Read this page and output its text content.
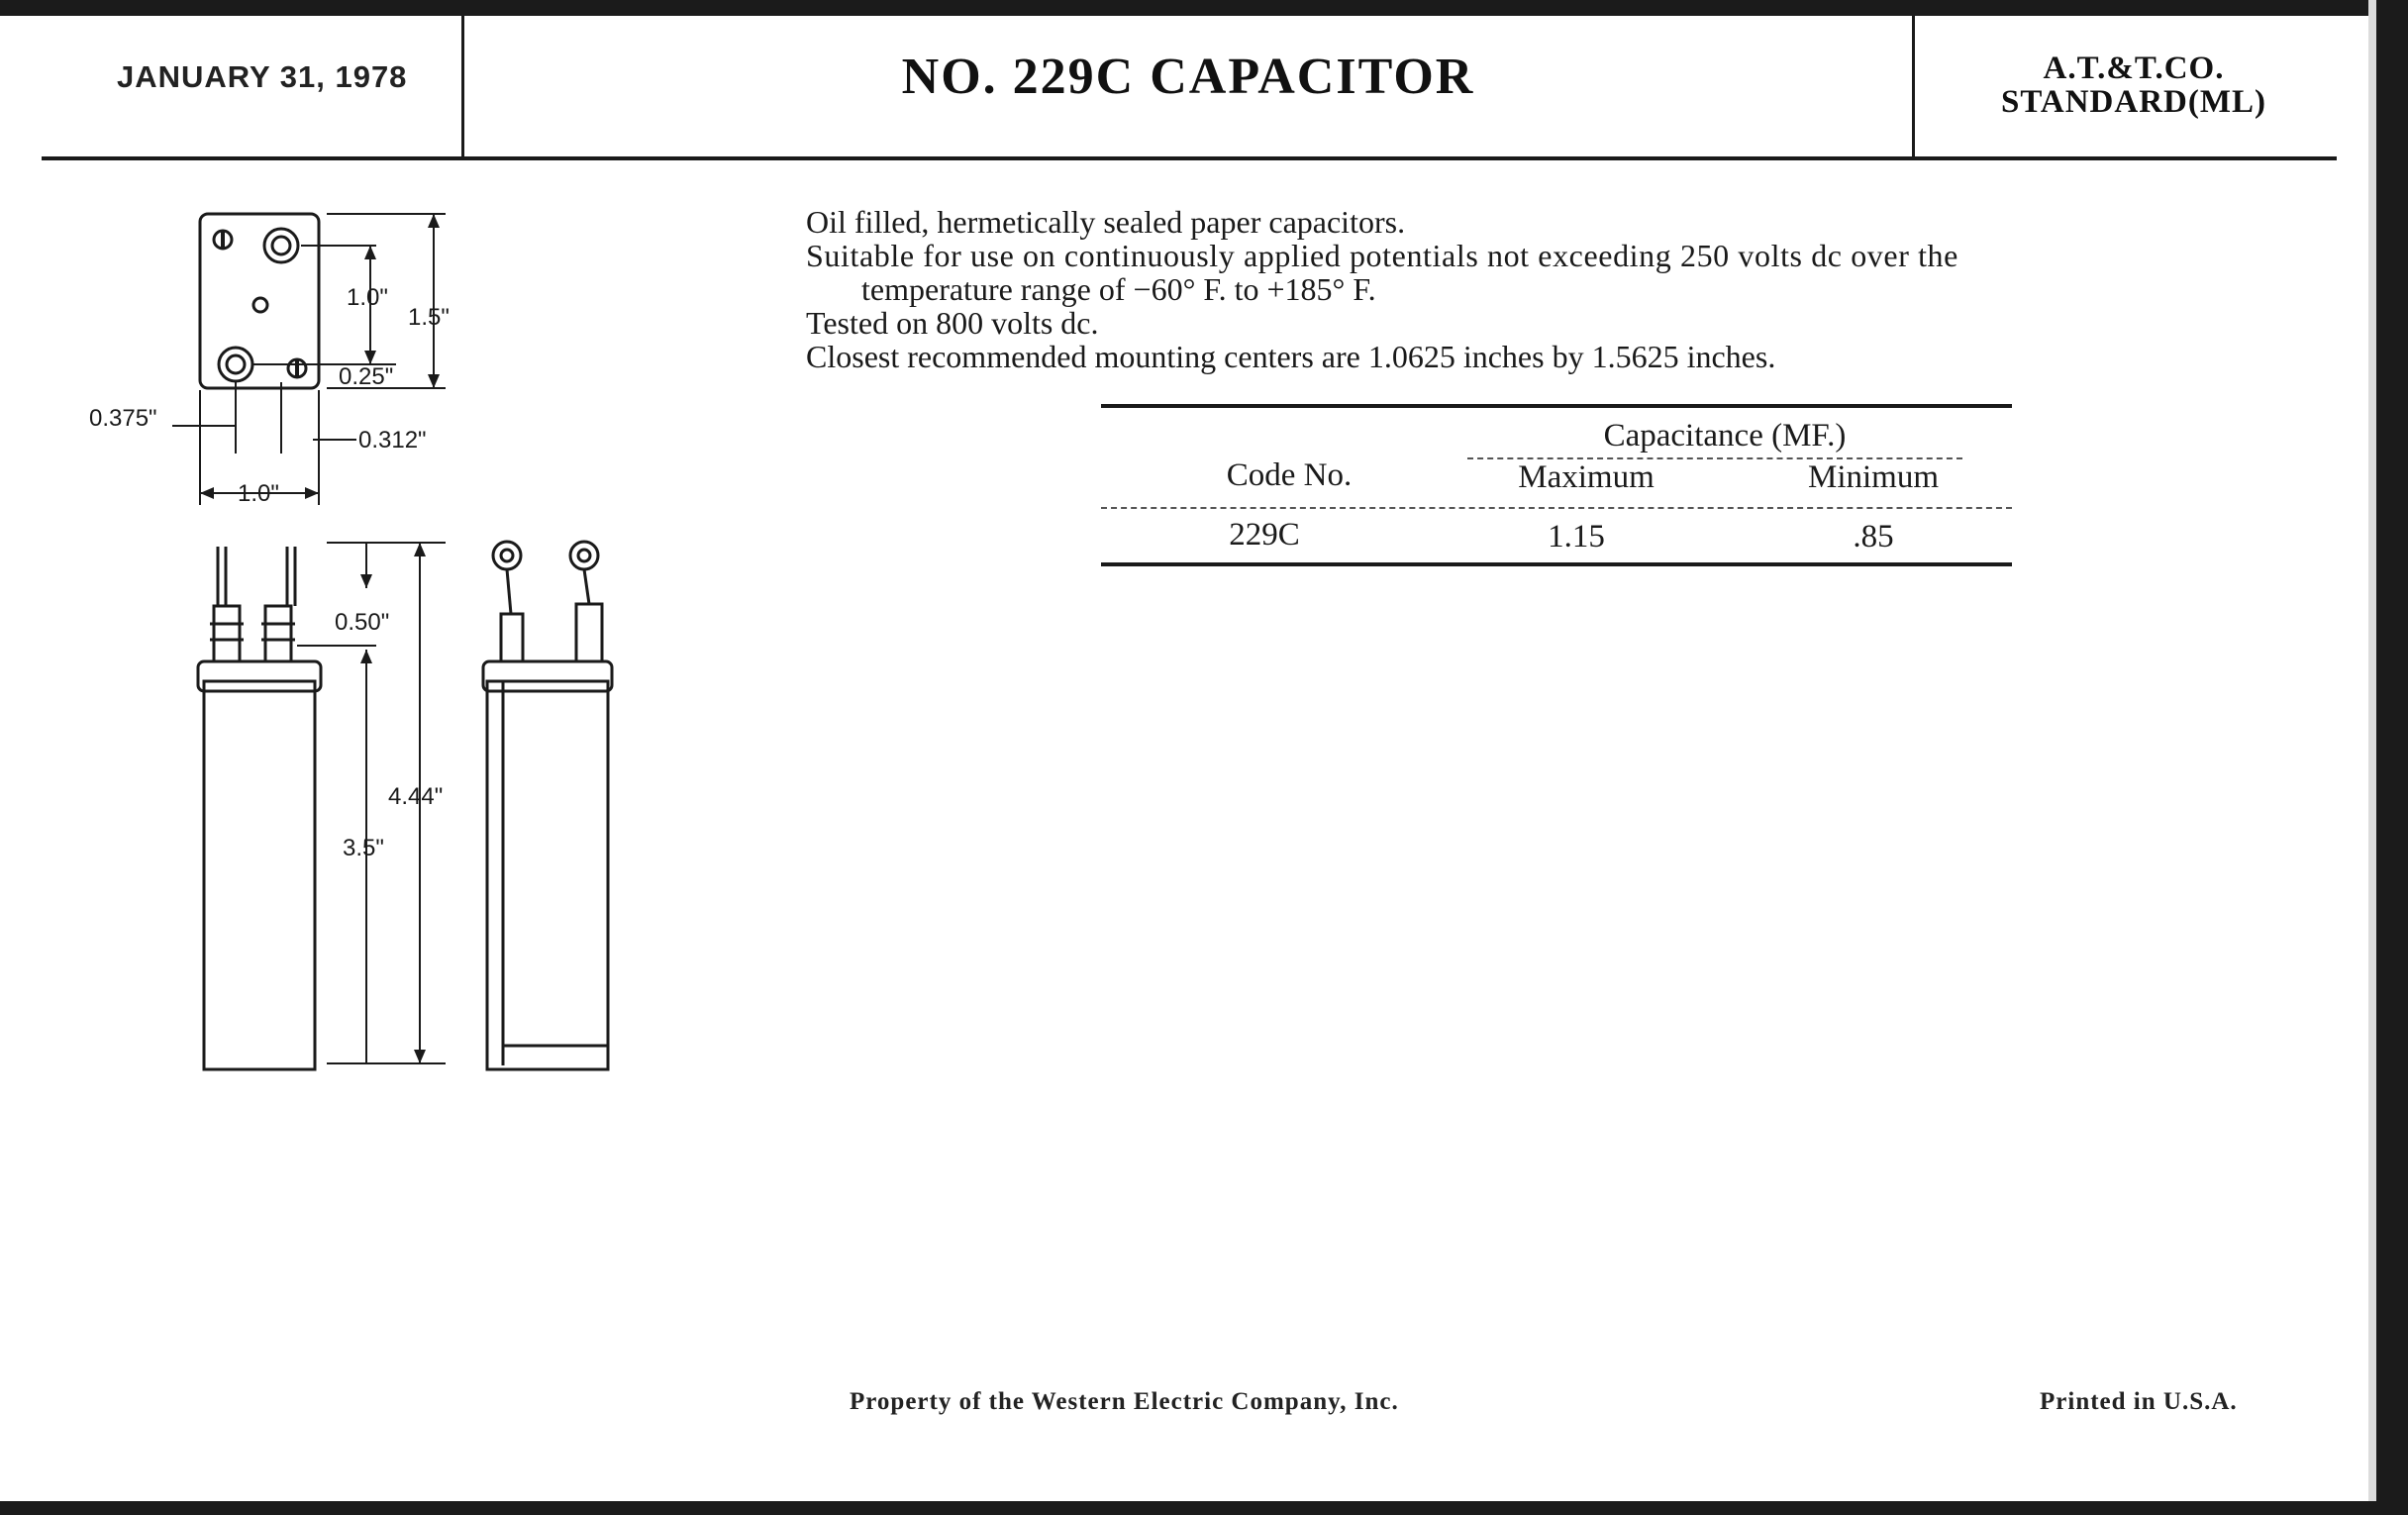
JANUARY 31, 1978	NO. 229C CAPACITOR	A.T.&T.CO.
STANDARD(ML)

Oil filled, hermetically sealed paper capacitors.

Suitable for use on continuously applied potentials not exceeding 250 volts dc over the

temperature range of −60° F. to +185° F.

Tested on 800 volts dc.

Closest recommended mounting centers are 1.0625 inches by 1.5625 inches.

Capacitance (MF.)
Code No.	Maximum	Minimum
229C	1.15	.85
1.0"
1.5"
0.25"
0.375"
0.312"
1.0"
0.50"
4.44"
3.5"
Property of the Western Electric Company, Inc.	Printed in U.S.A.
